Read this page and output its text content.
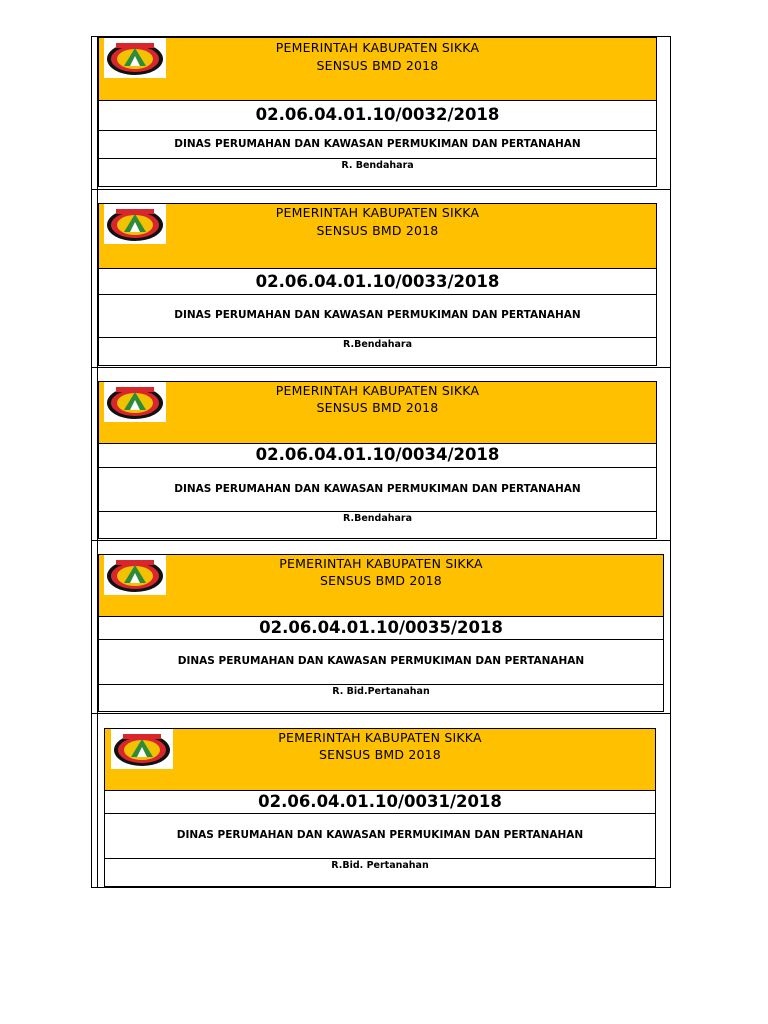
PEMERINTAH KABUPATEN SIKKA
SENSUS BMD 2018
02.06.04.01.10/0032/2018
DINAS PERUMAHAN DAN KAWASAN PERMUKIMAN DAN PERTANAHAN
R. Bendahara
PEMERINTAH KABUPATEN SIKKA
SENSUS BMD 2018
02.06.04.01.10/0033/2018
DINAS PERUMAHAN DAN KAWASAN PERMUKIMAN DAN PERTANAHAN
R.Bendahara
PEMERINTAH KABUPATEN SIKKA
SENSUS BMD 2018
02.06.04.01.10/0034/2018
DINAS PERUMAHAN DAN KAWASAN PERMUKIMAN DAN PERTANAHAN
R.Bendahara
PEMERINTAH KABUPATEN SIKKA
SENSUS BMD 2018
02.06.04.01.10/0035/2018
DINAS PERUMAHAN DAN KAWASAN PERMUKIMAN DAN PERTANAHAN
R. Bid.Pertanahan
PEMERINTAH KABUPATEN SIKKA
SENSUS BMD 2018
02.06.04.01.10/0031/2018
DINAS PERUMAHAN DAN KAWASAN PERMUKIMAN DAN PERTANAHAN
R.Bid. Pertanahan
